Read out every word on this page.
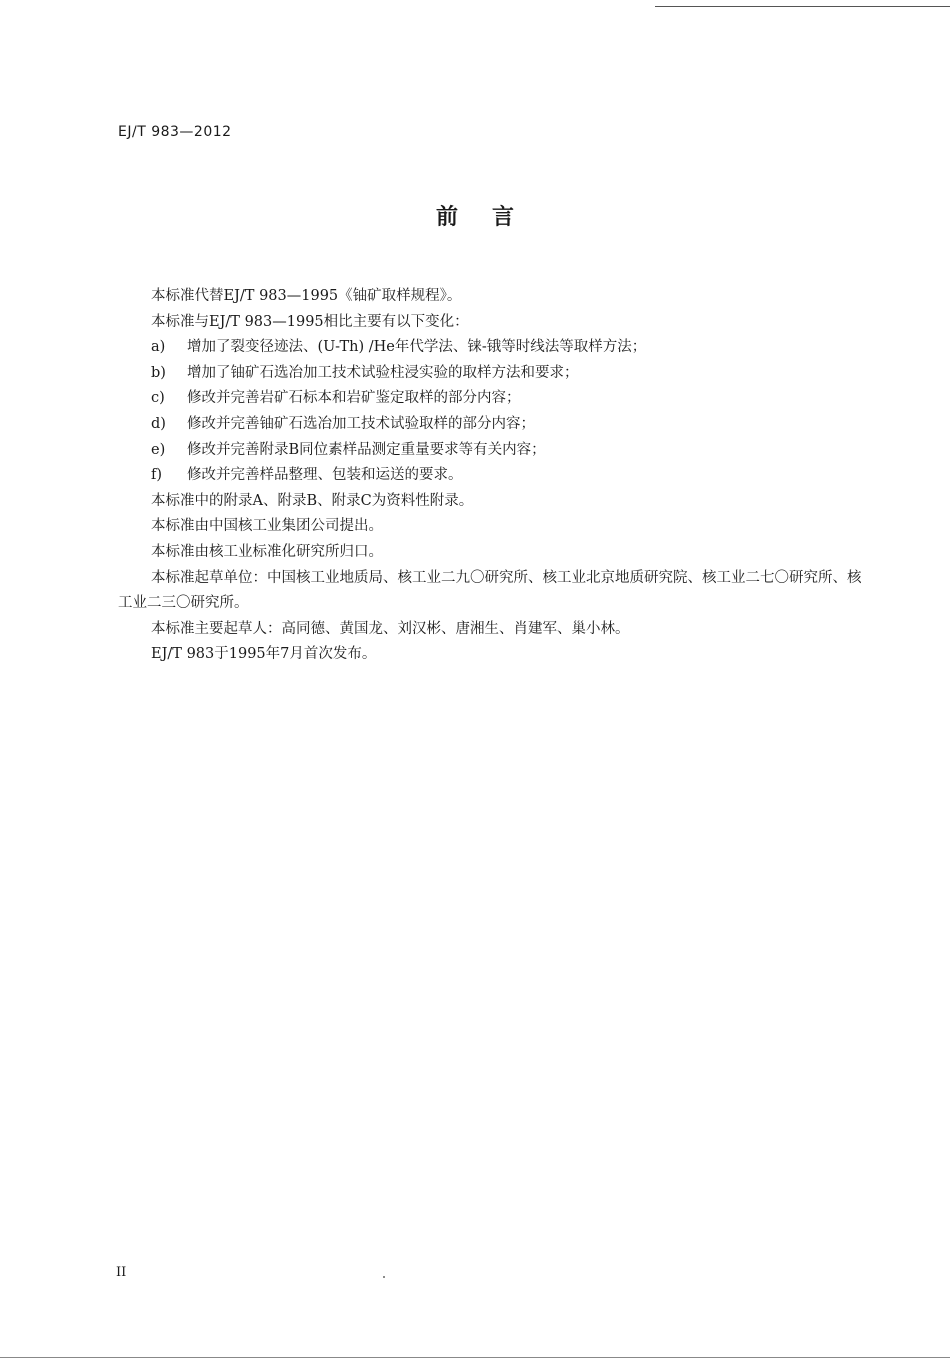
EJ/T 983—2012
前言

本标准代替EJ/T 983—1995《铀矿取样规程》。

本标准与EJ/T 983—1995相比主要有以下变化：

a) 增加了裂变径迹法、(U-Th) /He年代学法、铼-锇等时线法等取样方法；

b) 增加了铀矿石选冶加工技术试验柱浸实验的取样方法和要求；

c) 修改并完善岩矿石标本和岩矿鉴定取样的部分内容；

d) 修改并完善铀矿石选冶加工技术试验取样的部分内容；

e) 修改并完善附录B同位素样品测定重量要求等有关内容；

f) 修改并完善样品整理、包装和运送的要求。

本标准中的附录A、附录B、附录C为资料性附录。

本标准由中国核工业集团公司提出。

本标准由核工业标准化研究所归口。

本标准起草单位：中国核工业地质局、核工业二九〇研究所、核工业北京地质研究院、核工业二七〇研究所、核工业二三〇研究所。

本标准主要起草人：高同德、黄国龙、刘汉彬、唐湘生、肖建军、巢小林。

EJ/T 983于1995年7月首次发布。

II
